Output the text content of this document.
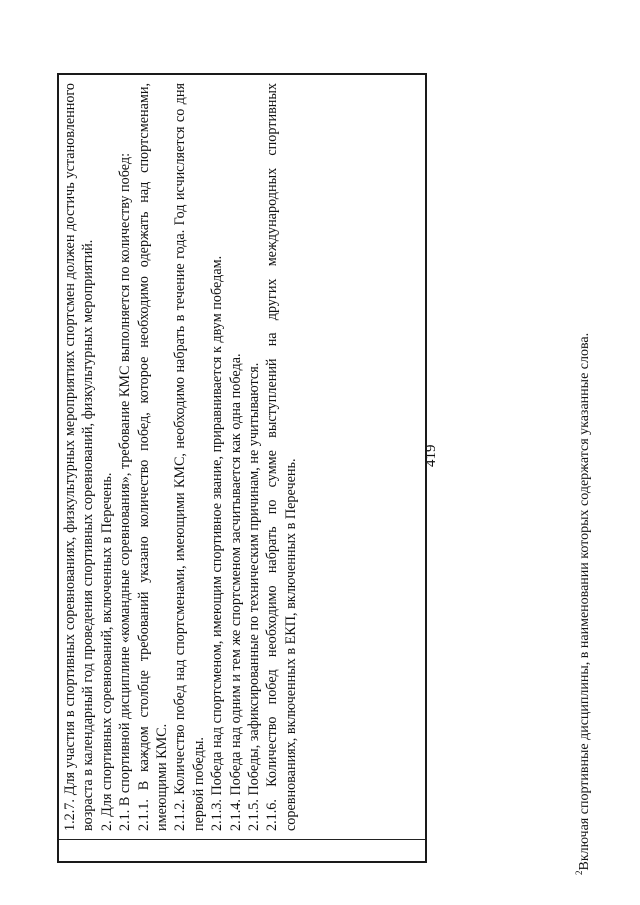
419

1.2.7. Для участия в спортивных соревнованиях, физкультурных мероприятиях спортсмен должен достичь установленного возраста в календарный год проведения спортивных соревнований, физкультурных мероприятий. 2. Для спортивных соревнований, включенных в Перечень. 2.1. В спортивной дисциплине «командные соревнования», требование КМС выполняется по количеству побед: 2.1.1. В каждом столбце требований указано количество побед, которое необходимо одержать над спортсменами, имеющими КМС. 2.1.2. Количество побед над спортсменами, имеющими КМС, необходимо набрать в течение года. Год исчисляется со дня первой победы. 2.1.3. Победа над спортсменом, имеющим спортивное звание, приравнивается к двум победам. 2.1.4. Победа над одним и тем же спортсменом засчитывается как одна победа. 2.1.5. Победы, зафиксированные по техническим причинам, не учитываются. 2.1.6. Количество побед необходимо набрать по сумме выступлений на других международных спортивных соревнованиях, включенных в ЕКП, включенных в Перечень.

$^2$Включая спортивные дисциплины, в наименовании которых содержатся указанные слова.
